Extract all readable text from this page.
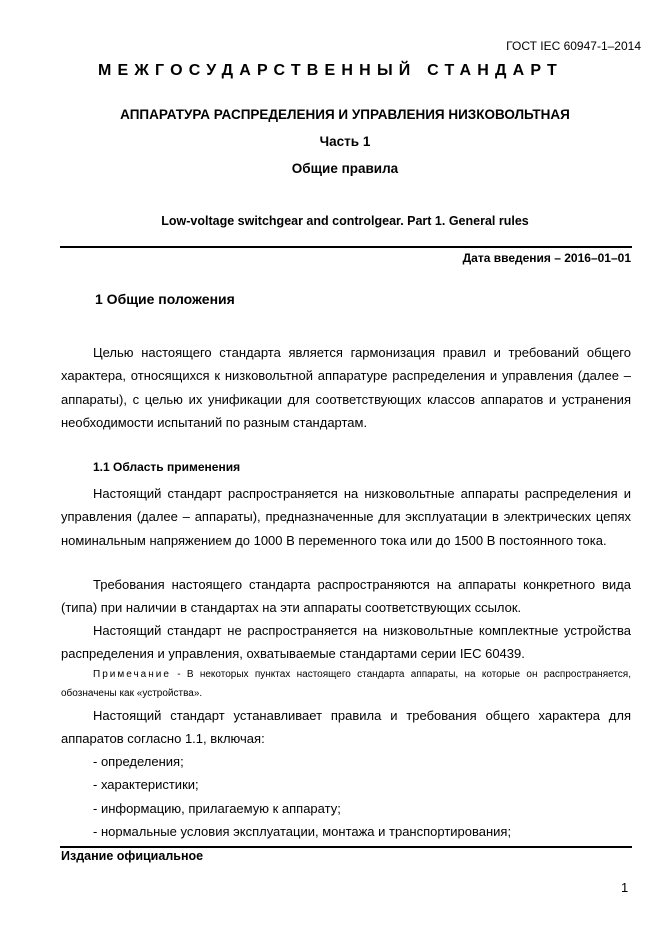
ГОСТ IEC 60947-1–2014
МЕЖГОСУДАРСТВЕННЫЙ СТАНДАРТ
АППАРАТУРА РАСПРЕДЕЛЕНИЯ И УПРАВЛЕНИЯ НИЗКОВОЛЬТНАЯ
Часть 1
Общие правила
Low-voltage switchgear and controlgear. Part 1. General rules
Дата введения – 2016–01–01
1 Общие положения
Целью настоящего стандарта является гармонизация правил и требований общего характера, относящихся к низковольтной аппаратуре распределения и управления (далее – аппараты), с целью их унификации для соответствующих классов аппаратов и устранения необходимости испытаний по разным стандартам.
1.1 Область применения
Настоящий стандарт распространяется на низковольтные аппараты распределения и управления (далее – аппараты), предназначенные для эксплуатации в электрических цепях номинальным напряжением до 1000 В переменного тока или до 1500 В постоянного тока.
Требования настоящего стандарта распространяются на аппараты конкретного вида (типа) при наличии в стандартах на эти аппараты соответствующих ссылок.
Настоящий стандарт не распространяется на низковольтные комплектные устройства распределения и управления, охватываемые стандартами серии IEC 60439.
Примечание - В некоторых пунктах настоящего стандарта аппараты, на которые он распространяется, обозначены как «устройства».
Настоящий стандарт устанавливает правила и требования общего характера для аппаратов согласно 1.1, включая:
- определения;
- характеристики;
- информацию, прилагаемую к аппарату;
- нормальные условия эксплуатации, монтажа и транспортирования;
Издание официальное
1
